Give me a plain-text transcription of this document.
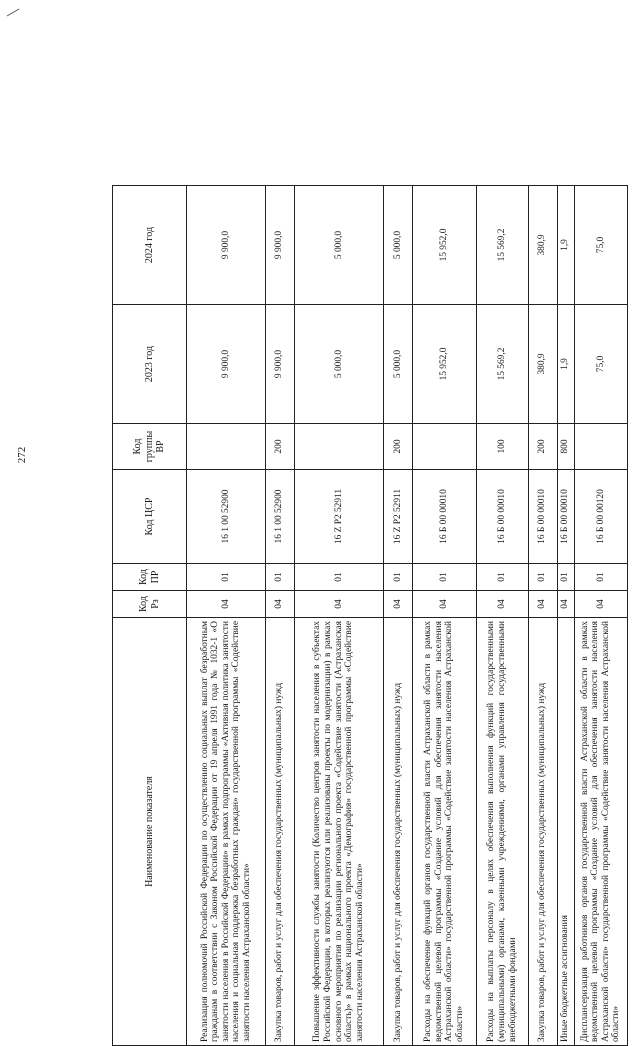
272
Наименование показателя	Код Рз	Код ПР	Код ЦСР	Код группы ВР	2023 год	2024 год
Реализация полномочий Российской Федерации по осуществлению социальных выплат безработным гражданам в соответствии с Законом Российской Федерации от 19 апреля 1991 года № 1032-1 «О занятости населения в Российской Федерации» в рамках подпрограммы «Активная политика занятости населения и социальная поддержка безработных граждан» государственной программы «Содействие занятости населения Астраханской области»	04	01	16 1 00 52900		9 900,0	9 900,0
Закупка товаров, работ и услуг для обеспечения государственных (муниципальных) нужд	04	01	16 1 00 52900	200	9 900,0	9 900,0
Повышение эффективности службы занятости (Количество центров занятости населения в субъектах Российской Федерации, в которых реализуются или реализованы проекты по модернизации) в рамках основного мероприятия по реализации регионального проекта «Содействие занятости (Астраханская область)» в рамках национального проекта «Демография» государственной программы «Содействие занятости населения Астраханской области»	04	01	16 Z P2 52911		5 000,0	5 000,0
Закупка товаров, работ и услуг для обеспечения государственных (муниципальных) нужд	04	01	16 Z P2 52911	200	5 000,0	5 000,0
Расходы на обеспечение функций органов государственной власти Астраханской области в рамках ведомственной целевой программы «Создание условий для обеспечения занятости населения Астраханской области» государственной программы «Содействие занятости населения Астраханской области»	04	01	16 Б 00 00010		15 952,0	15 952,0
Расходы на выплаты персоналу в целях обеспечения выполнения функций государственными (муниципальными) органами, казенными учреждениями, органами управления государственными внебюджетными фондами	04	01	16 Б 00 00010	100	15 569,2	15 569,2
Закупка товаров, работ и услуг для обеспечения государственных (муниципальных) нужд	04	01	16 Б 00 00010	200	380,9	380,9
Иные бюджетные ассигнования	04	01	16 Б 00 00010	800	1,9	1,9
Дисплансеризация работников органов государственной власти Астраханской области в рамках ведомственной целевой программы «Создание условий для обеспечения занятости населения Астраханской области» государственной программы «Содействие занятости населения Астраханской области»	04	01	16 Б 00 00120		75,0	75,0
